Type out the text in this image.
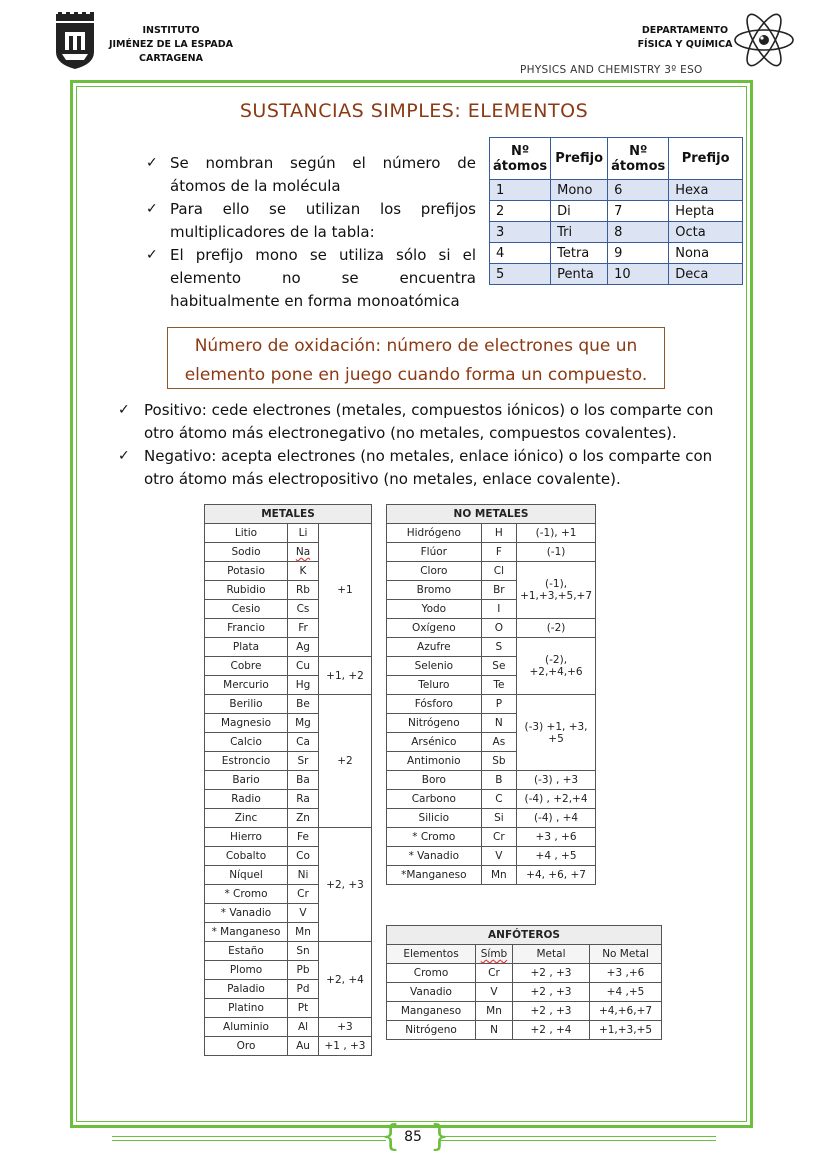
INSTITUTO
JIMÉNEZ DE LA ESPADA
CARTAGENA
DEPARTAMENTO
FÍSICA Y QUÍMICA
PHYSICS AND CHEMISTRY 3º ESO
SUSTANCIAS SIMPLES: ELEMENTOS
✓ Se nombran según el número de átomos de la molécula
✓ Para ello se utilizan los prefijos multiplicadores de la tabla:
✓ El prefijo mono se utiliza sólo si el elemento no se encuentra habitualmente en forma monoatómica
Nº átomos	Prefijo	Nº átomos	Prefijo
1	Mono	6	Hexa
2	Di	7	Hepta
3	Tri	8	Octa
4	Tetra	9	Nona
5	Penta	10	Deca
Número de oxidación: número de electrones que un elemento pone en juego cuando forma un compuesto.
✓ Positivo: cede electrones (metales, compuestos iónicos) o los comparte con otro átomo más electronegativo (no metales, compuestos covalentes).
✓ Negativo: acepta electrones (no metales, enlace iónico) o los comparte con otro átomo más electropositivo (no metales, enlace covalente).
METALES		
Litio	Li	+1
Sodio	Na	
Potasio	K	
Rubidio	Rb	
Cesio	Cs	
Francio	Fr	
Plata	Ag	
Cobre	Cu	+1, +2
Mercurio	Hg	
Berilio	Be	+2
Magnesio	Mg	
Calcio	Ca	
Estroncio	Sr	
Bario	Ba	
Radio	Ra	
Zinc	Zn	
Hierro	Fe	+2, +3
Cobalto	Co	
Níquel	Ni	
* Cromo	Cr	
* Vanadio	V	
* Manganeso	Mn	
Estaño	Sn	+2, +4
Plomo	Pb	
Paladio	Pd	
Platino	Pt	
Aluminio	Al	+3
Oro	Au	+1 , +3
NO METALES		
Hidrógeno	H	(-1), +1
Flúor	F	(-1)
Cloro	Cl	(-1), +1,+3,+5,+7
Bromo	Br	
Yodo	I	
Oxígeno	O	(-2)
Azufre	S	(-2), +2,+4,+6
Selenio	Se	
Teluro	Te	
Fósforo	P	(-3) +1, +3, +5
Nitrógeno	N	
Arsénico	As	
Antimonio	Sb	
Boro	B	(-3) , +3
Carbono	C	(-4) , +2,+4
Silicio	Si	(-4) , +4
* Cromo	Cr	+3 , +6
* Vanadio	V	+4 , +5
*Manganeso	Mn	+4, +6, +7
ANFÓTEROS			
Elementos	Símb	Metal	No Metal
Cromo	Cr	+2 , +3	+3 ,+6
Vanadio	V	+2 , +3	+4 ,+5
Manganeso	Mn	+2 , +3	+4,+6,+7
Nitrógeno	N	+2 , +4	+1,+3,+5
{ }
85
